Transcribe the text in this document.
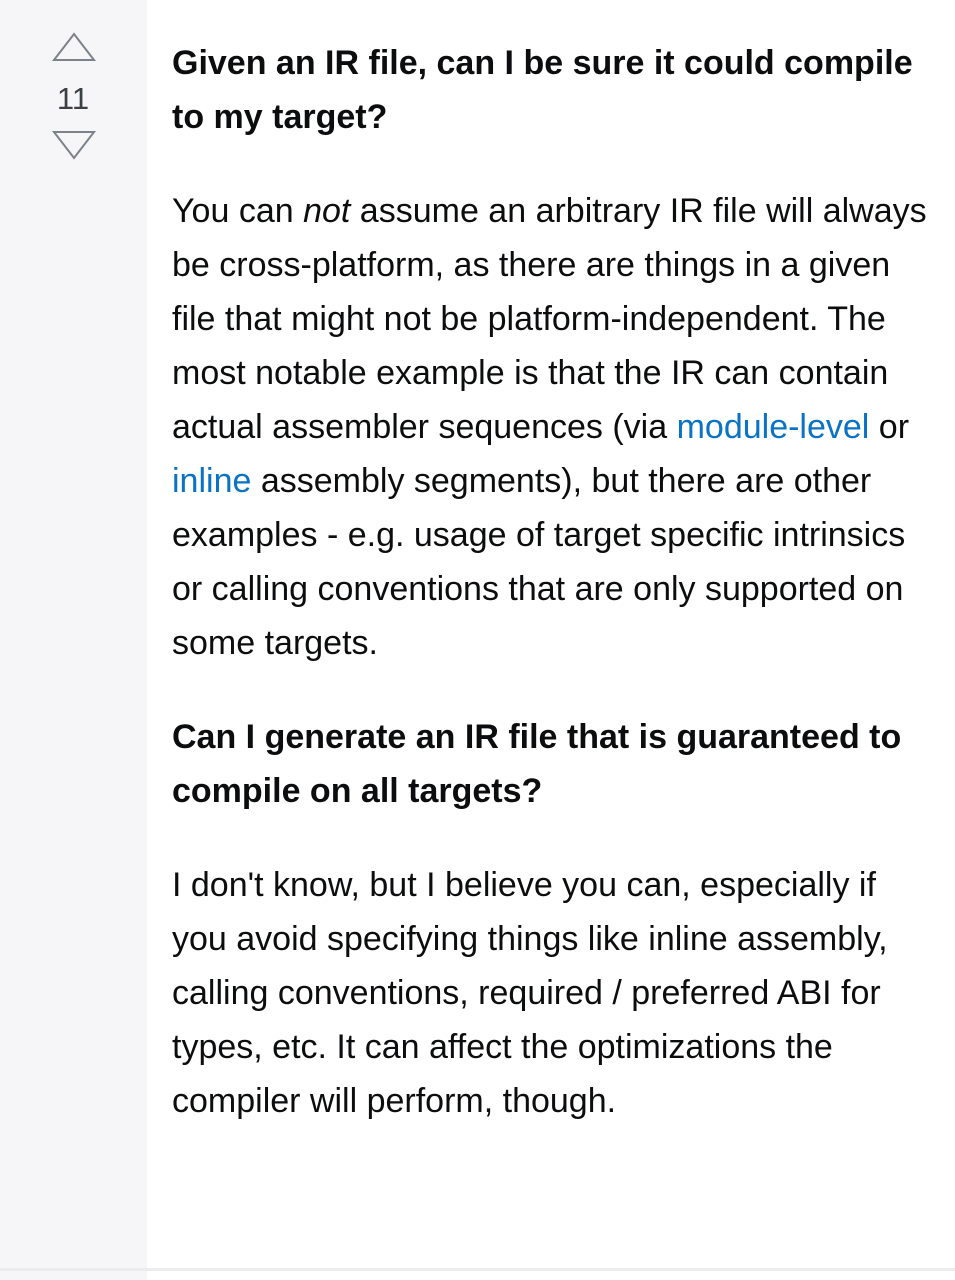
11

Given an IR file, can I be sure it could compile to my target?

You can not assume an arbitrary IR file will always be cross-platform, as there are things in a given file that might not be platform-independent. The most notable example is that the IR can contain actual assembler sequences (via module-level or inline assembly segments), but there are other examples - e.g. usage of target specific intrinsics or calling conventions that are only supported on some targets.

Can I generate an IR file that is guaranteed to compile on all targets?

I don't know, but I believe you can, especially if you avoid specifying things like inline assembly, calling conventions, required / preferred ABI for types, etc. It can affect the optimizations the compiler will perform, though.
